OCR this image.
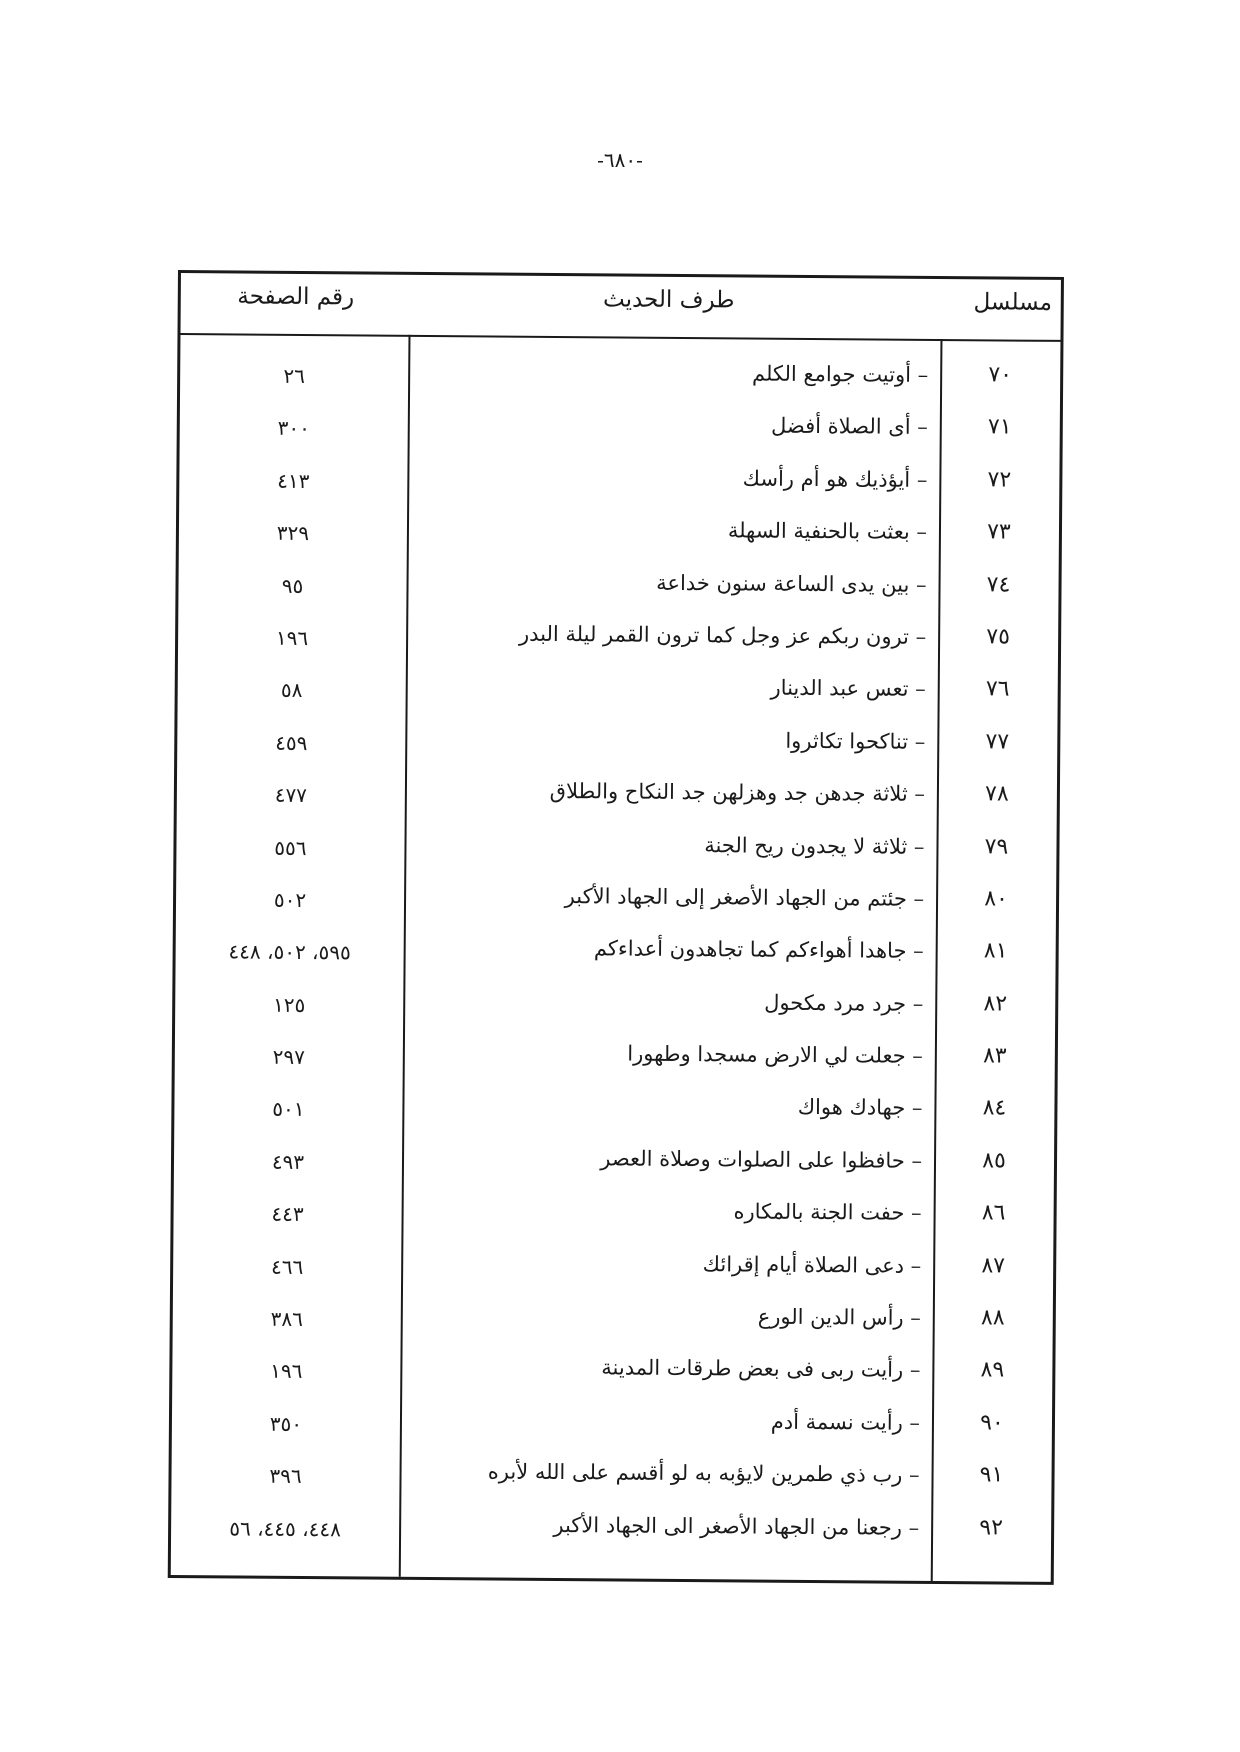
-٦٨٠-
مسلسل
طرف الحديث
رقم الصفحة
٧٠
– أوتيت جوامع الكلم
٢٦
٧١
– أى الصلاة أفضل
٣٠٠
٧٢
– أيؤذيك هو أم رأسك
٤١٣
٧٣
– بعثت بالحنفية السهلة
٣٢٩
٧٤
– بين يدى الساعة سنون خداعة
٩٥
٧٥
– ترون ربكم عز وجل كما ترون القمر ليلة البدر
١٩٦
٧٦
– تعس عبد الدينار
٥٨
٧٧
– تناكحوا تكاثروا
٤٥٩
٧٨
– ثلاثة جدهن جد وهزلهن جد النكاح والطلاق
٤٧٧
٧٩
– ثلاثة لا يجدون ريح الجنة
٥٥٦
٨٠
– جئتم من الجهاد الأصغر إلى الجهاد الأكبر
٥٠٢
٨١
– جاهدا أهواءكم كما تجاهدون أعداءكم
٥٩٥، ٥٠٢، ٤٤٨
٨٢
– جرد مرد مكحول
١٢٥
٨٣
– جعلت لي الارض مسجدا وطهورا
٢٩٧
٨٤
– جهادك هواك
٥٠١
٨٥
– حافظوا على الصلوات وصلاة العصر
٤٩٣
٨٦
– حفت الجنة بالمكاره
٤٤٣
٨٧
– دعى الصلاة أيام إقرائك
٤٦٦
٨٨
– رأس الدين الورع
٣٨٦
٨٩
– رأيت ربى فى بعض طرقات المدينة
١٩٦
٩٠
– رأيت نسمة أدم
٣٥٠
٩١
– رب ذي طمرين لايؤبه به لو أقسم على الله لأبره
٣٩٦
٩٢
– رجعنا من الجهاد الأصغر الى الجهاد الأكبر
٤٤٨، ٤٤٥، ٥٦
